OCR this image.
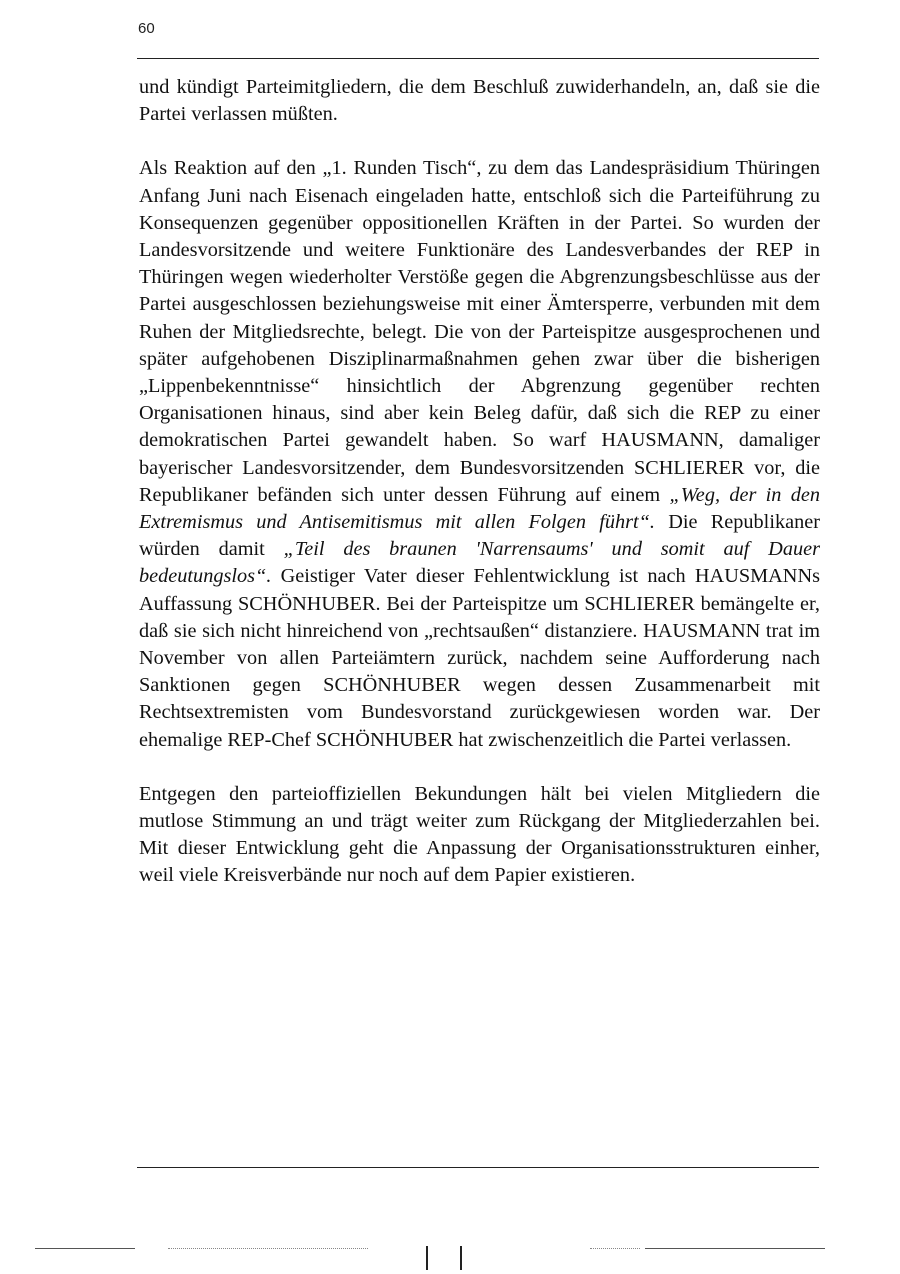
60

und kündigt Parteimitgliedern, die dem Beschluß zuwiderhandeln, an, daß sie die Partei verlassen müßten.

Als Reaktion auf den „1. Runden Tisch“, zu dem das Landespräsidium Thüringen Anfang Juni nach Eisenach eingeladen hatte, entschloß sich die Parteiführung zu Konsequenzen gegenüber oppositionellen Kräften in der Partei. So wurden der Landesvorsitzende und weitere Funktionäre des Landesverbandes der REP in Thüringen wegen wiederholter Verstöße gegen die Abgrenzungsbeschlüsse aus der Partei ausgeschlossen beziehungsweise mit einer Ämtersperre, verbunden mit dem Ruhen der Mitgliedsrechte, belegt. Die von der Parteispitze ausgesprochenen und später aufgehobenen Disziplinarmaßnahmen gehen zwar über die bisherigen „Lippenbekenntnisse“ hinsichtlich der Abgrenzung gegenüber rechten Organisationen hinaus, sind aber kein Beleg dafür, daß sich die REP zu einer demokratischen Partei gewandelt haben. So warf HAUSMANN, damaliger bayerischer Landesvorsitzender, dem Bundesvorsitzenden SCHLIERER vor, die Republikaner befänden sich unter dessen Führung auf einem „Weg, der in den Extremismus und Antisemitismus mit allen Folgen führt“. Die Republikaner würden damit „Teil des braunen 'Narrensaums' und somit auf Dauer bedeutungslos“. Geistiger Vater dieser Fehlentwicklung ist nach HAUSMANNs Auffassung SCHÖNHUBER. Bei der Parteispitze um SCHLIERER bemängelte er, daß sie sich nicht hinreichend von „rechtsaußen“ distanziere. HAUSMANN trat im November von allen Parteiämtern zurück, nachdem seine Aufforderung nach Sanktionen gegen SCHÖNHUBER wegen dessen Zusammenarbeit mit Rechtsextremisten vom Bundesvorstand zurückgewiesen worden war. Der ehemalige REP-Chef SCHÖNHUBER hat zwischenzeitlich die Partei verlassen.

Entgegen den parteioffiziellen Bekundungen hält bei vielen Mitgliedern die mutlose Stimmung an und trägt weiter zum Rückgang der Mitgliederzahlen bei. Mit dieser Entwicklung geht die Anpassung der Organisationsstrukturen einher, weil viele Kreisverbände nur noch auf dem Papier existieren.
